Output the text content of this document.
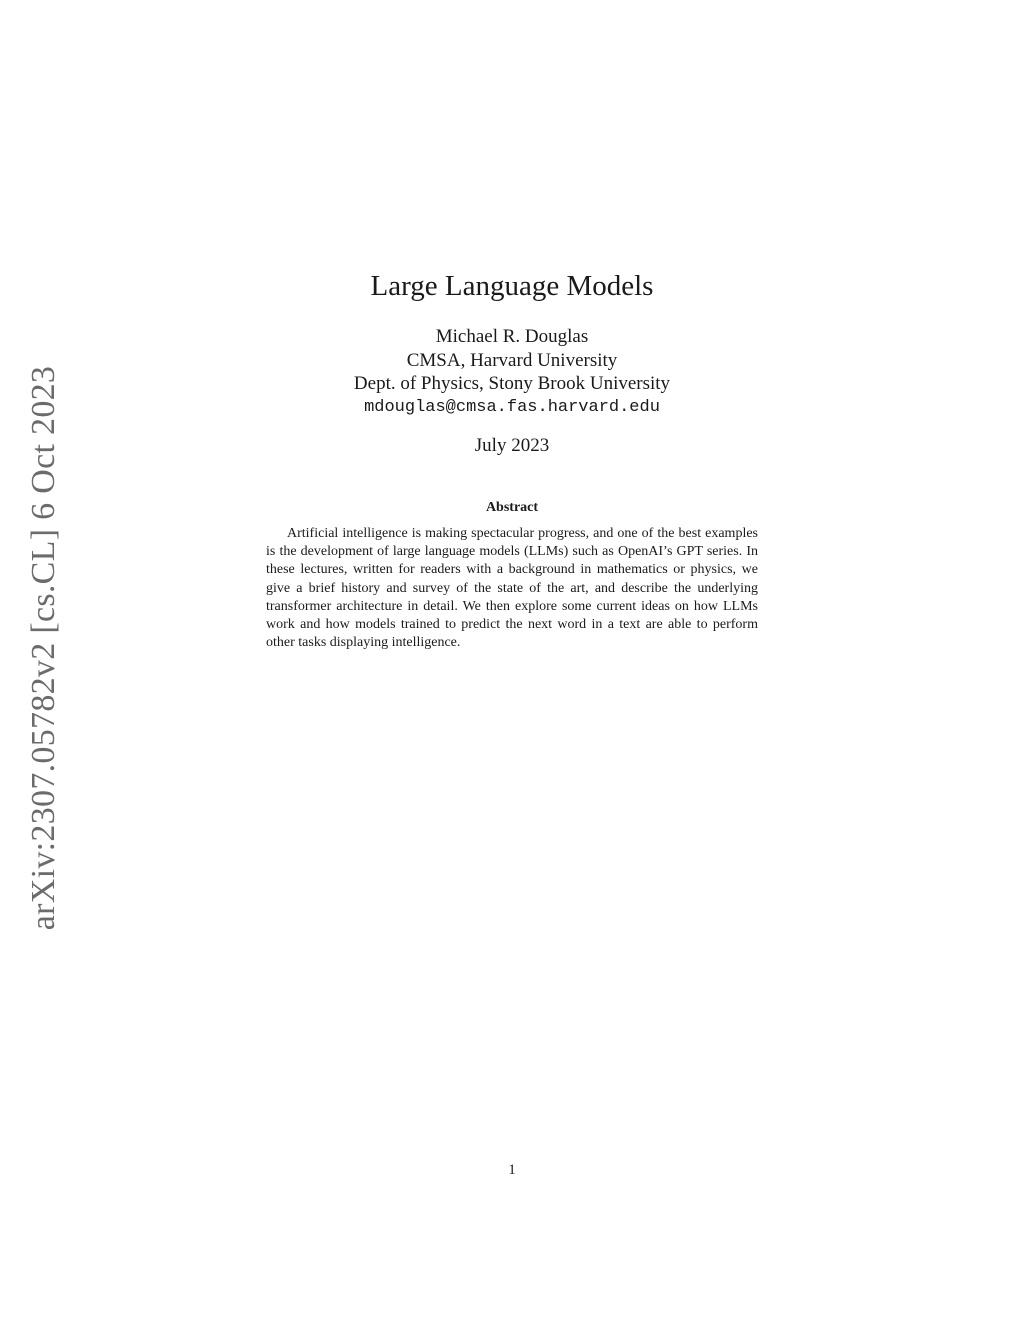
arXiv:2307.05782v2 [cs.CL] 6 Oct 2023
Large Language Models
Michael R. Douglas
CMSA, Harvard University
Dept. of Physics, Stony Brook University
mdouglas@cmsa.fas.harvard.edu
July 2023
Abstract

Artificial intelligence is making spectacular progress, and one of the best examples is the development of large language models (LLMs) such as OpenAI’s GPT series. In these lectures, written for readers with a background in mathematics or physics, we give a brief history and survey of the state of the art, and describe the underlying transformer architecture in detail. We then explore some current ideas on how LLMs work and how models trained to predict the next word in a text are able to perform other tasks displaying intelligence.

1
